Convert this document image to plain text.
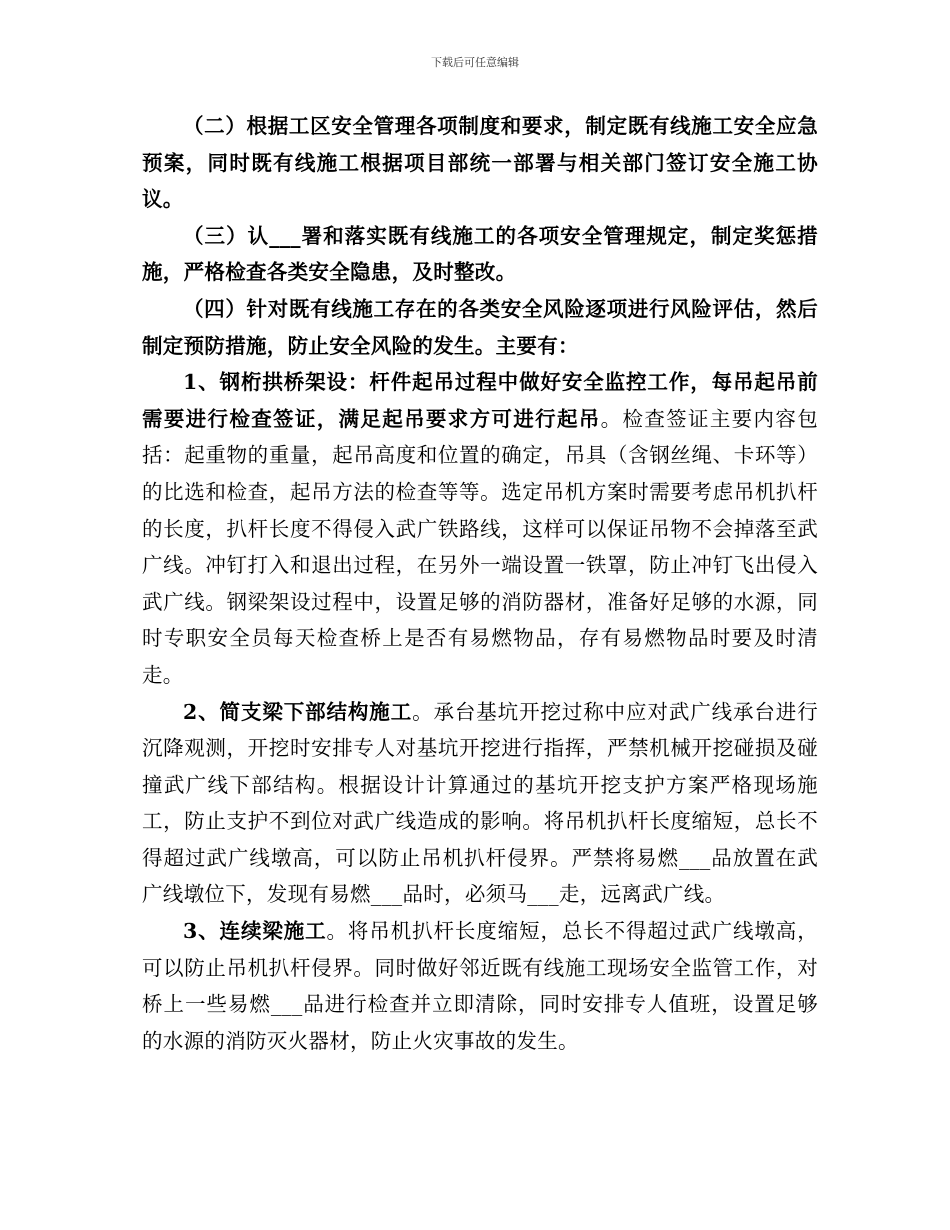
下载后可任意编辑

（二）根据工区安全管理各项制度和要求，制定既有线施工安全应急预案，同时既有线施工根据项目部统一部署与相关部门签订安全施工协议。

（三）认___署和落实既有线施工的各项安全管理规定，制定奖惩措施，严格检查各类安全隐患，及时整改。

（四）针对既有线施工存在的各类安全风险逐项进行风险评估，然后制定预防措施，防止安全风险的发生。主要有：

1、钢桁拱桥架设：杆件起吊过程中做好安全监控工作，每吊起吊前需要进行检查签证，满足起吊要求方可进行起吊。检查签证主要内容包括：起重物的重量，起吊高度和位置的确定，吊具（含钢丝绳、卡环等）的比选和检查，起吊方法的检查等等。选定吊机方案时需要考虑吊机扒杆的长度，扒杆长度不得侵入武广铁路线，这样可以保证吊物不会掉落至武广线。冲钉打入和退出过程，在另外一端设置一铁罩，防止冲钉飞出侵入武广线。钢梁架设过程中，设置足够的消防器材，准备好足够的水源，同时专职安全员每天检查桥上是否有易燃物品，存有易燃物品时要及时清走。

2、简支梁下部结构施工。承台基坑开挖过称中应对武广线承台进行沉降观测，开挖时安排专人对基坑开挖进行指挥，严禁机械开挖碰损及碰撞武广线下部结构。根据设计计算通过的基坑开挖支护方案严格现场施工，防止支护不到位对武广线造成的影响。将吊机扒杆长度缩短，总长不得超过武广线墩高，可以防止吊机扒杆侵界。严禁将易燃___品放置在武广线墩位下，发现有易燃___品时，必须马___走，远离武广线。

3、连续梁施工。将吊机扒杆长度缩短，总长不得超过武广线墩高，可以防止吊机扒杆侵界。同时做好邻近既有线施工现场安全监管工作，对桥上一些易燃___品进行检查并立即清除，同时安排专人值班，设置足够的水源的消防灭火器材，防止火灾事故的发生。
